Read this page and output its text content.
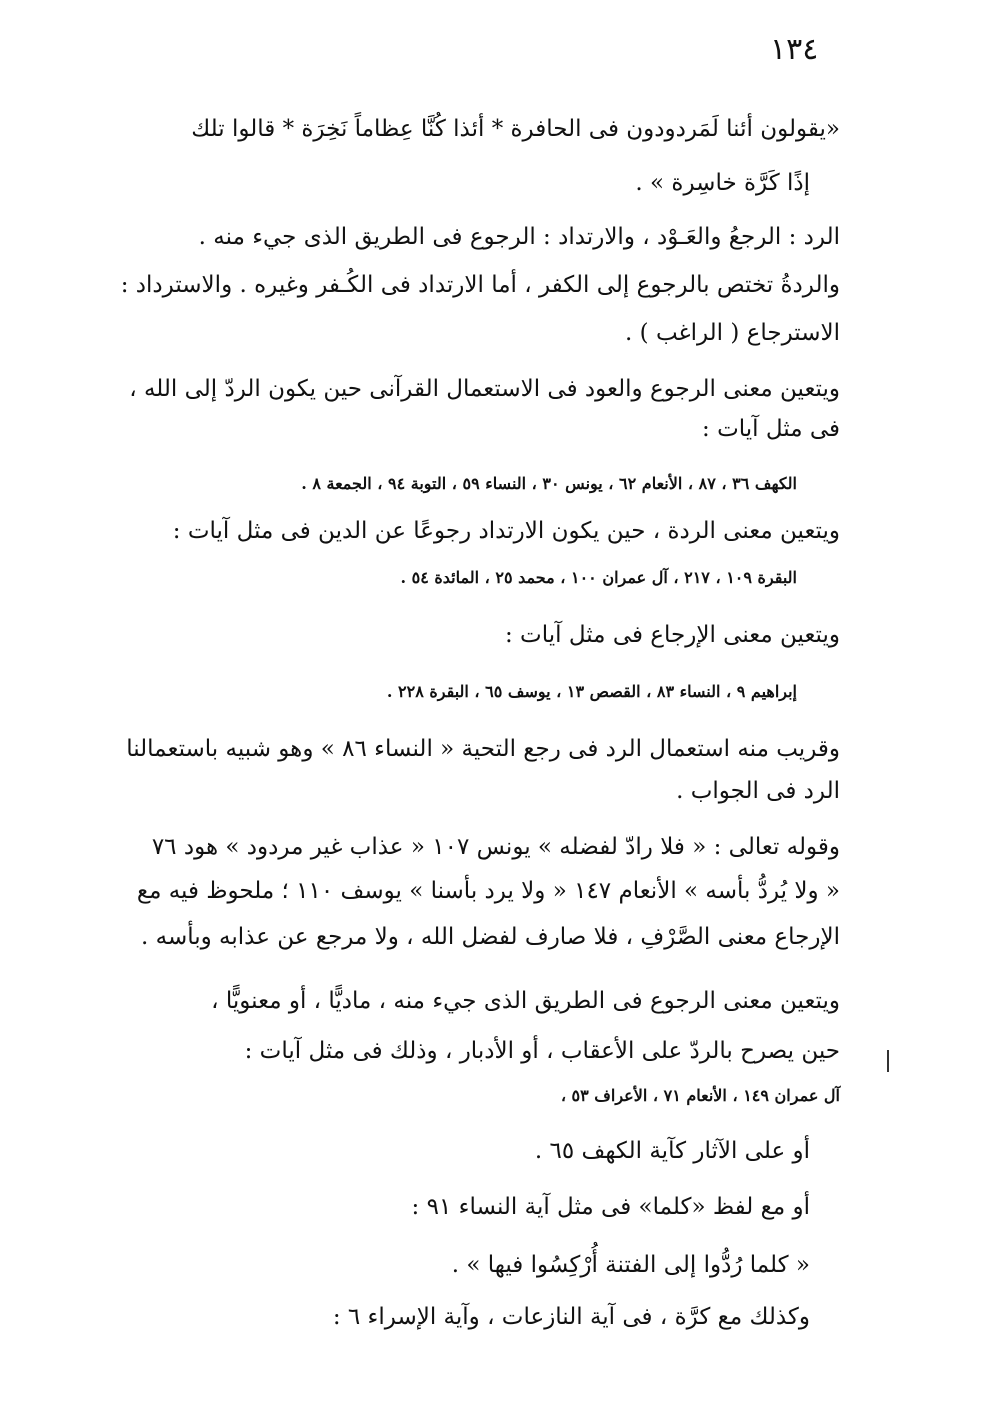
١٣٤
«يقولون أئنا لَمَردودون فى الحافرة * أئذا كُنَّا عِظاماً نَخِرَة * قالوا تلك
إذًا كَرَّة خاسِرة » .
الرد : الرجعُ والعَـوْد ، والارتداد : الرجوع فى الطريق الذى جيء منه .
والردةُ تختص بالرجوع إلى الكفر ، أما الارتداد فى الكُـفر وغيره . والاسترداد :
الاسترجاع ( الراغب ) .
ويتعين معنى الرجوع والعود فى الاستعمال القرآنى حين يكون الردّ إلى الله ،
فى مثل آيات :
الكهف ٣٦ ، ٨٧ ، الأنعام ٦٢ ، يونس ٣٠ ، النساء ٥٩ ، التوبة ٩٤ ، الجمعة ٨ .
ويتعين معنى الردة ، حين يكون الارتداد رجوعًا عن الدين فى مثل آيات :
البقرة ١٠٩ ، ٢١٧ ، آل عمران ١٠٠ ، محمد ٢٥ ، المائدة ٥٤ .
ويتعين معنى الإرجاع فى مثل آيات :
إبراهيم ٩ ، النساء ٨٣ ، القصص ١٣ ، يوسف ٦٥ ، البقرة ٢٢٨ .
وقريب منه استعمال الرد فى رجع التحية « النساء ٨٦ » وهو شبيه باستعمالنا
الرد فى الجواب .
وقوله تعالى : « فلا رادّ لفضله » يونس ١٠٧ « عذاب غير مردود » هود ٧٦
« ولا يُردُّ بأسه » الأنعام ١٤٧ « ولا يرد بأسنا » يوسف ١١٠ ؛ ملحوظ فيه مع
الإرجاع معنى الصَّرْفِ ، فلا صارف لفضل الله ، ولا مرجع عن عذابه وبأسه .
ويتعين معنى الرجوع فى الطريق الذى جيء منه ، ماديًّا ، أو معنويًّا ،
حين يصرح بالردّ على الأعقاب ، أو الأدبار ، وذلك فى مثل آيات :
آل عمران ١٤٩ ، الأنعام ٧١ ، الأعراف ٥٣ ،
أو على الآثار كآية الكهف ٦٥ .
أو مع لفظ «كلما» فى مثل آية النساء ٩١ :
« كلما رُدُّوا إلى الفتنة أُرْكِسُوا فيها » .
وكذلك مع كرَّة ، فى آية النازعات ، وآية الإسراء ٦ :
